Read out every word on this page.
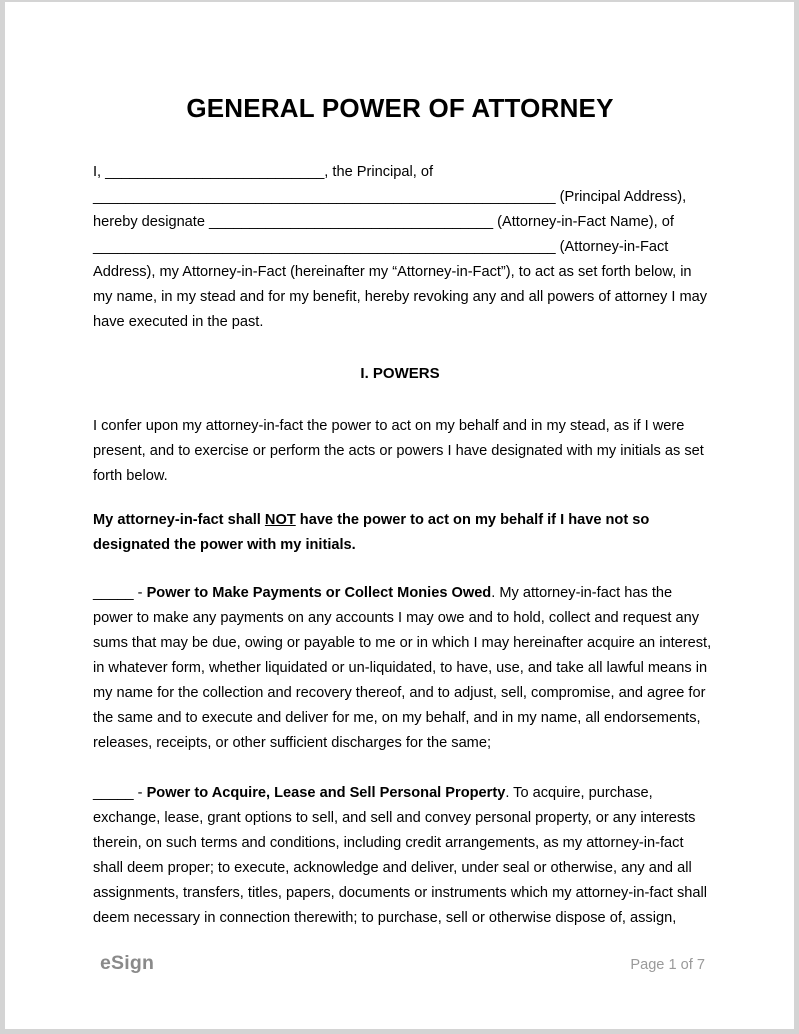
GENERAL POWER OF ATTORNEY
I, ___________________________, the Principal, of
_________________________________________________________ (Principal Address),
hereby designate ___________________________________ (Attorney-in-Fact Name), of
_________________________________________________________ (Attorney-in-Fact
Address), my Attorney-in-Fact (hereinafter my “Attorney-in-Fact”), to act as set forth below, in
my name, in my stead and for my benefit, hereby revoking any and all powers of attorney I may
have executed in the past.
I. POWERS
I confer upon my attorney-in-fact the power to act on my behalf and in my stead, as if I were
present, and to exercise or perform the acts or powers I have designated with my initials as set
forth below.
My attorney-in-fact shall NOT have the power to act on my behalf if I have not so
designated the power with my initials.
_____ - Power to Make Payments or Collect Monies Owed. My attorney-in-fact has the
power to make any payments on any accounts I may owe and to hold, collect and request any
sums that may be due, owing or payable to me or in which I may hereinafter acquire an interest,
in whatever form, whether liquidated or un-liquidated, to have, use, and take all lawful means in
my name for the collection and recovery thereof, and to adjust, sell, compromise, and agree for
the same and to execute and deliver for me, on my behalf, and in my name, all endorsements,
releases, receipts, or other sufficient discharges for the same;
_____ - Power to Acquire, Lease and Sell Personal Property. To acquire, purchase,
exchange, lease, grant options to sell, and sell and convey personal property, or any interests
therein, on such terms and conditions, including credit arrangements, as my attorney-in-fact
shall deem proper; to execute, acknowledge and deliver, under seal or otherwise, any and all
assignments, transfers, titles, papers, documents or instruments which my attorney-in-fact shall
deem necessary in connection therewith; to purchase, sell or otherwise dispose of, assign,
eSign	Page 1 of 7
